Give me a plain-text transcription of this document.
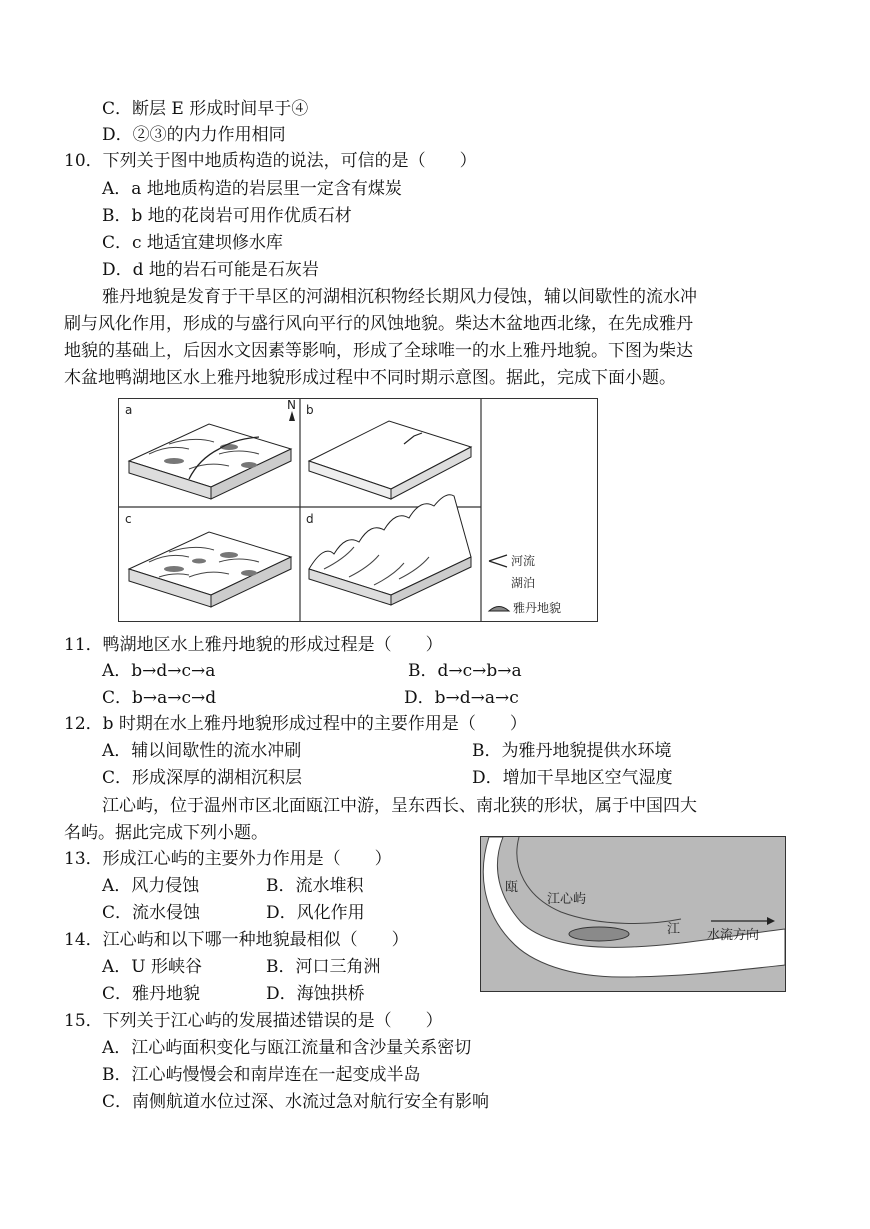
C．断层 E 形成时间早于④
D．②③的内力作用相同
10．下列关于图中地质构造的说法，可信的是（　　）
A．a 地地质构造的岩层里一定含有煤炭
B．b 地的花岗岩可用作优质石材
C．c 地适宜建坝修水库
D．d 地的岩石可能是石灰岩
雅丹地貌是发育于干旱区的河湖相沉积物经长期风力侵蚀，辅以间歇性的流水冲
刷与风化作用，形成的与盛行风向平行的风蚀地貌。柴达木盆地西北缘，在先成雅丹
地貌的基础上，后因水文因素等影响，形成了全球唯一的水上雅丹地貌。下图为柴达
木盆地鸭湖地区水上雅丹地貌形成过程中不同时期示意图。据此，完成下面小题。
a	N b
c	d
河流
湖泊
雅丹地貌
11．鸭湖地区水上雅丹地貌的形成过程是（　　）
A．b→d→c→a	B．d→c→b→a
C．b→a→c→d	D．b→d→a→c
12．b 时期在水上雅丹地貌形成过程中的主要作用是（　　）
A．辅以间歇性的流水冲刷	B．为雅丹地貌提供水环境
C．形成深厚的湖相沉积层	D．增加干旱地区空气湿度
江心屿，位于温州市区北面瓯江中游，呈东西长、南北狭的形状，属于中国四大
名屿。据此完成下列小题。
瓯
江心屿
江 水流方向
13．形成江心屿的主要外力作用是（　　）
A．风力侵蚀	B．流水堆积
C．流水侵蚀	D．风化作用
14．江心屿和以下哪一种地貌最相似（　　）
A．U 形峡谷	B．河口三角洲
C．雅丹地貌	D．海蚀拱桥
15．下列关于江心屿的发展描述错误的是（　　）
A．江心屿面积变化与瓯江流量和含沙量关系密切
B．江心屿慢慢会和南岸连在一起变成半岛
C．南侧航道水位过深、水流过急对航行安全有影响
